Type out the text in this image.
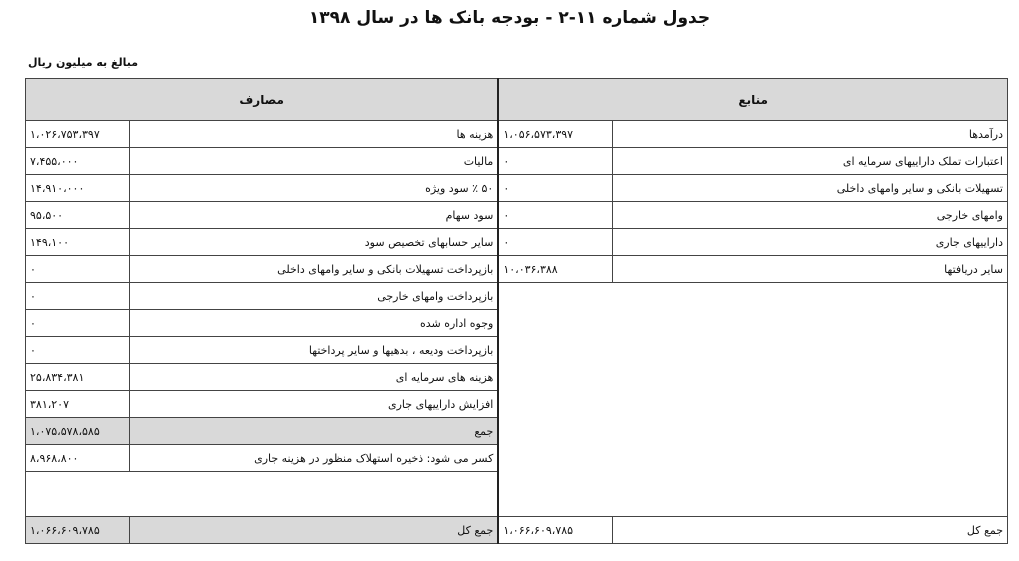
جدول شماره ۱۱-۲ - بودجه بانک ها در سال ۱۳۹۸
مبالغ به میلیون ریال
منابع		مصارف	
درآمدها	۱،۰۵۶،۵۷۳،۳۹۷	هزینه ها	۱،۰۲۶،۷۵۳،۳۹۷
اعتبارات تملک داراییهای سرمایه ای	۰	مالیات	۷،۴۵۵،۰۰۰
تسهیلات بانکی و سایر وامهای داخلی	۰	۵۰ ٪ سود ویژه	۱۴،۹۱۰،۰۰۰
وامهای خارجی	۰	سود سهام	۹۵،۵۰۰
داراییهای جاری	۰	سایر حسابهای تخصیص سود	۱۴۹،۱۰۰
سایر دریافتها	۱۰،۰۳۶،۳۸۸	بازپرداخت تسهیلات بانکی و سایر وامهای داخلی	۰
		بازپرداخت وامهای خارجی	۰
		وجوه اداره شده	۰
		بازپرداخت ودیعه ، بدهیها و سایر پرداختها	۰
		هزینه های سرمایه ای	۲۵،۸۳۴،۳۸۱
		افزایش داراییهای جاری	۳۸۱،۲۰۷
		جمع	۱،۰۷۵،۵۷۸،۵۸۵
		کسر می شود: ذخیره استهلاک منظور در هزینه جاری	۸،۹۶۸،۸۰۰

جمع کل	۱،۰۶۶،۶۰۹،۷۸۵	جمع کل	۱،۰۶۶،۶۰۹،۷۸۵
